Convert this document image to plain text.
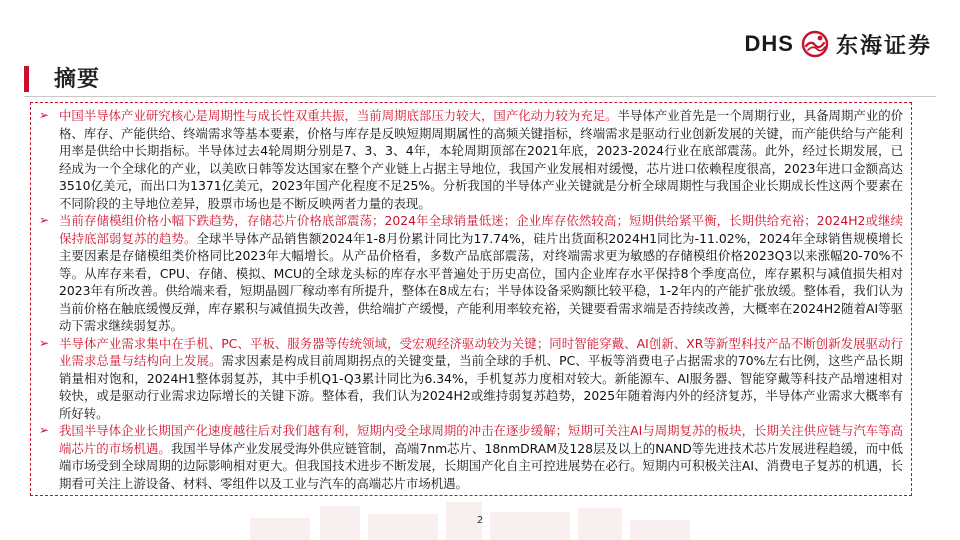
DHS 东海证券
摘要
➢ 中国半导体产业研究核心是周期性与成长性双重共振，当前周期底部压力较大，国产化动力较为充足。半导体产业首先是一个周期行业，具备周期产业的价格、库存、产能供给、终端需求等基本要素，价格与库存是反映短期周期属性的高频关键指标，终端需求是驱动行业创新发展的关键，而产能供给与产能利用率是供给中长期指标。半导体过去4轮周期分别是7、3、3、4年，本轮周期顶部在2021年底，2023-2024行业在底部震荡。此外，经过长期发展，已经成为一个全球化的产业，以美欧日韩等发达国家在整个产业链上占据主导地位，我国产业发展相对缓慢，芯片进口依赖程度很高，2023年进口金额高达3510亿美元，而出口为1371亿美元，2023年国产化程度不足25%。分析我国的半导体产业关键就是分析全球周期性与我国企业长期成长性这两个要素在不同阶段的主导地位差异，股票市场也是不断反映两者力量的表现。

➢ 当前存储模组价格小幅下跌趋势，存储芯片价格底部震荡；2024年全球销量低迷；企业库存依然较高；短期供给紧平衡，长期供给充裕；2024H2或继续保持底部弱复苏的趋势。全球半导体产品销售额2024年1-8月份累计同比为17.74%，硅片出货面积2024H1同比为-11.02%，2024年全球销售规模增长主要因素是存储模组类价格同比2023年大幅增长。从产品价格看，多数产品底部震荡，对终端需求更为敏感的存储模组价格2023Q3以来涨幅20-70%不等。从库存来看，CPU、存储、模拟、MCU的全球龙头标的库存水平普遍处于历史高位，国内企业库存水平保持8个季度高位，库存累积与减值损失相对2023年有所改善。供给端来看，短期晶圆厂稼动率有所提升，整体在8成左右；半导体设备采购额比较平稳，1-2年内的产能扩张放缓。整体看，我们认为当前价格在触底缓慢反弹，库存累积与减值损失改善，供给端扩产缓慢，产能利用率较充裕，关键要看需求端是否持续改善，大概率在2024H2随着AI等驱动下需求继续弱复苏。

➢ 半导体产业需求集中在手机、PC、平板、服务器等传统领域，受宏观经济驱动较为关键；同时智能穿戴、AI创新、XR等新型科技产品不断创新发展驱动行业需求总量与结构向上发展。需求因素是构成目前周期拐点的关键变量，当前全球的手机、PC、平板等消费电子占据需求的70%左右比例，这些产品长期销量相对饱和，2024H1整体弱复苏，其中手机Q1-Q3累计同比为6.34%，手机复苏力度相对较大。新能源车、AI服务器、智能穿戴等科技产品增速相对较快，或是驱动行业需求边际增长的关键下游。整体看，我们认为2024H2或维持弱复苏趋势，2025年随着海内外的经济复苏，半导体产业需求大概率有所好转。

➢ 我国半导体企业长期国产化速度越往后对我们越有利，短期内受全球周期的冲击在逐步缓解；短期可关注AI与周期复苏的板块，长期关注供应链与汽车等高端芯片的市场机遇。我国半导体产业发展受海外供应链管制，高端7nm芯片、18nmDRAM及128层及以上的NAND等先进技术芯片发展进程趋缓，而中低端市场受到全球周期的边际影响相对更大。但我国技术进步不断发展，长期国产化自主可控进展势在必行。短期内可积极关注AI、消费电子复苏的机遇，长期看可关注上游设备、材料、零组件以及工业与汽车的高端芯片市场机遇。

2
